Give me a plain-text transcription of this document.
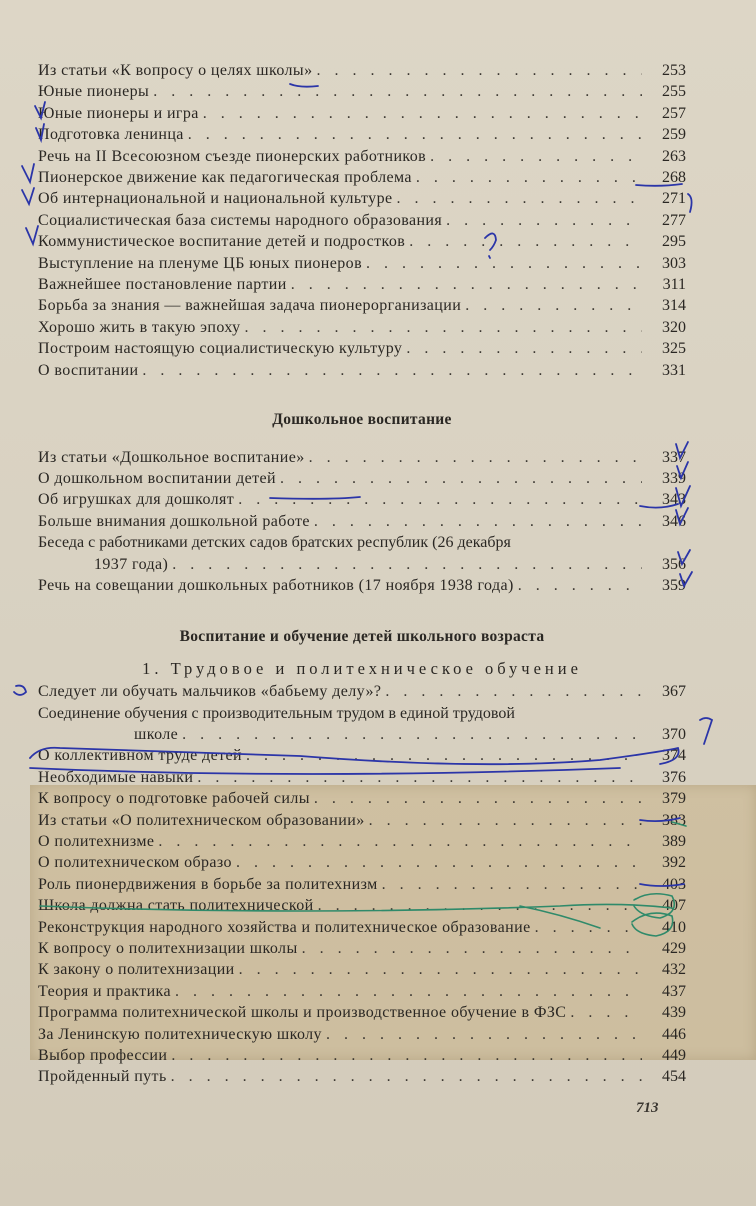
Из статьи «К вопросу о целях школы» . . .	253
Юные пионеры . . .	255
Юные пионеры и игра . . .	257
Подготовка ленинца . . .	259
Речь на II Всесоюзном съезде пионерских работников . . .	263
Пионерское движение как педагогическая проблема . . .	268
Об интернациональной и национальной культуре . . .	271
Социалистическая база системы народного образования . . .	277
Коммунистическое воспитание детей и подростков . . .	295
Выступление на пленуме ЦБ юных пионеров . . .	303
Важнейшее постановление партии . . .	311
Борьба за знания — важнейшая задача пионерорганизации . . .	314
Хорошо жить в такую эпоху . . .	320
Построим настоящую социалистическую культуру . . .	325
О воспитании . . .	331
Дошкольное воспитание
Из статьи «Дошкольное воспитание» . . .	337
О дошкольном воспитании детей . . .	339
Об игрушках для дошколят . . .	343
Больше внимания дошкольной работе . . .	346
Беседа с работниками детских садов братских республик (26 декабря
1937 года) . . .	356
Речь на совещании дошкольных работников (17 ноября 1938 года) . . .	359
Воспитание и обучение детей школьного возраста
1. Трудовое и политехническое обучение
Следует ли обучать мальчиков «бабьему делу»? . . .	367
Соединение обучения с производительным трудом в единой трудовой
школе . . .	370
О коллективном труде детей . . .	374
Необходимые навыки . . .	376
К вопросу о подготовке рабочей силы . . .	379
Из статьи «О политехническом образовании» . . .	383
О политехнизме . . .	389
О политехническом образо . . .	392
Роль пионердвижения в борьбе за политехнизм . . .	403
Школа должна стать политехнической . . .	407
Реконструкция народного хозяйства и политехническое образование . . .	410
К вопросу о политехнизации школы . . .	429
К закону о политехнизации . . .	432
Теория и практика . . .	437
Программа политехнической школы и производственное обучение в ФЗС . . .	439
За Ленинскую политехническую школу . . .	446
Выбор профессии . . .	449
Пройденный путь . . .	454
713
